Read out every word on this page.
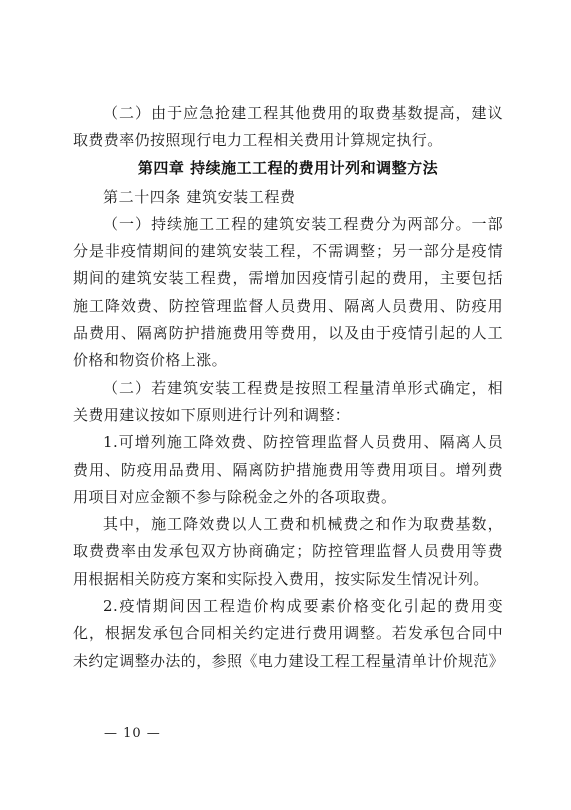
（二）由于应急抢建工程其他费用的取费基数提高，建议取费费率仍按照现行电力工程相关费用计算规定执行。

第四章 持续施工工程的费用计列和调整方法

第二十四条 建筑安装工程费

（一）持续施工工程的建筑安装工程费分为两部分。一部分是非疫情期间的建筑安装工程，不需调整；另一部分是疫情期间的建筑安装工程费，需增加因疫情引起的费用，主要包括施工降效费、防控管理监督人员费用、隔离人员费用、防疫用品费用、隔离防护措施费用等费用，以及由于疫情引起的人工价格和物资价格上涨。

（二）若建筑安装工程费是按照工程量清单形式确定，相关费用建议按如下原则进行计列和调整：

1.可增列施工降效费、防控管理监督人员费用、隔离人员费用、防疫用品费用、隔离防护措施费用等费用项目。增列费用项目对应金额不参与除税金之外的各项取费。

其中，施工降效费以人工费和机械费之和作为取费基数，取费费率由发承包双方协商确定；防控管理监督人员费用等费用根据相关防疫方案和实际投入费用，按实际发生情况计列。

2.疫情期间因工程造价构成要素价格变化引起的费用变化，根据发承包合同相关约定进行费用调整。若发承包合同中未约定调整办法的，参照《电力建设工程工程量清单计价规范》

— 10 —
